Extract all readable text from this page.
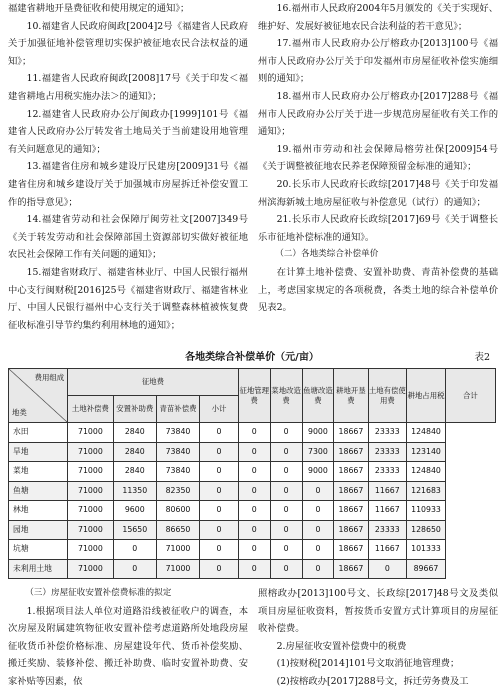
福建省耕地开垦费征收和使用规定的通知》；

10.福建省人民政府闽政[2004]2号《福建省人民政府关于加强征地补偿管理切实保护被征地农民合法权益的通知》；

11.福建省人民政府闽政[2008]17号《关于印发＜福建省耕地占用税实施办法＞的通知》；

12.福建省人民政府办公厅闽政办[1999]101号《福建省人民政府办公厅转发省土地局关于当前建设用地管理有关问题意见的通知》；

13.福建省住房和城乡建设厅民建房[2009]31号《福建省住房和城乡建设厅关于加强城市房屋拆迁补偿安置工作的指导意见》；

14.福建省劳动和社会保障厅闽劳社文[2007]349号《关于转发劳动和社会保障部国土资源部切实做好被征地农民社会保障工作有关问题的通知》；

15.福建省财政厅、福建省林业厅、中国人民银行福州中心支行闽财税[2016]25号《福建省财政厅、福建省林业厅、中国人民银行福州中心支行关于调整森林植被恢复费征收标准引导节约集约利用林地的通知》；

16.福州市人民政府2004年5月颁发的《关于实现好、维护好、发展好被征地农民合法利益的若干意见》；

17.福州市人民政府办公厅榕政办[2013]100号《福州市人民政府办公厅关于印发福州市房屋征收补偿实施细则的通知》；

18.福州市人民政府办公厅榕政办[2017]288号《福州市人民政府办公厅关于进一步规范房屋征收有关工作的通知》；

19.福州市劳动和社会保障局榕劳社保[2009]54号《关于调整被征地农民养老保障预留金标准的通知》；

20.长乐市人民政府长政综[2017]48号《关于印发福州滨海新城土地房屋征收与补偿意见（试行）的通知》；

21.长乐市人民政府长政综[2017]69号《关于调整长乐市征地补偿标准的通知》。

（二）各地类综合补偿单价

在计算土地补偿费、安置补助费、青苗补偿费的基础上，考虑国家规定的各项税费，各类土地的综合补偿单价见表2。

各地类综合补偿单价（元/亩）	表2
费用组成
地类	征地费				征地管理费	菜地改造费	鱼塘改造费	耕地开垦费	土地有偿使用费	耕地占用税	合计
	土地补偿费	安置补助费	青苗补偿费	小计							
水田	71000	2840	73840	0	0	0	9000	18667	23333	124840	
旱地	71000	2840	73840	0	0	0	7300	18667	23333	123140	
菜地	71000	2840	73840	0	0	0	9000	18667	23333	124840	
鱼塘	71000	11350	82350	0	0	0	0	18667	11667	121683	
林地	71000	9600	80600	0	0	0	0	18667	11667	110933	
园地	71000	15650	86650	0	0	0	0	18667	23333	128650	
坑塘	71000	0	71000	0	0	0	0	18667	11667	101333	
未利用土地	71000	0	71000	0	0	0	0	18667	0	89667	

（三）房屋征收安置补偿费标准的拟定

1.根据项目法人单位对道路沿线被征收户的调查，本次房屋及附属建筑物征收安置补偿考虑道路所处地段房屋征收货币补偿价格标准、房屋建设年代、货币补偿奖励、搬迁奖励、装修补偿、搬迁补助费、临时安置补助费、安家补贴等因素，依

照榕政办[2013]100号文、长政综[2017]48号文及类似项目房屋征收资料，暂按货币安置方式计算项目的房屋征收补偿费。

2.房屋征收安置补偿费中的税费

(1)按财税[2014]101号文取消征地管理费；

(2)按榕政办[2017]288号文，拆迁劳务费及工
